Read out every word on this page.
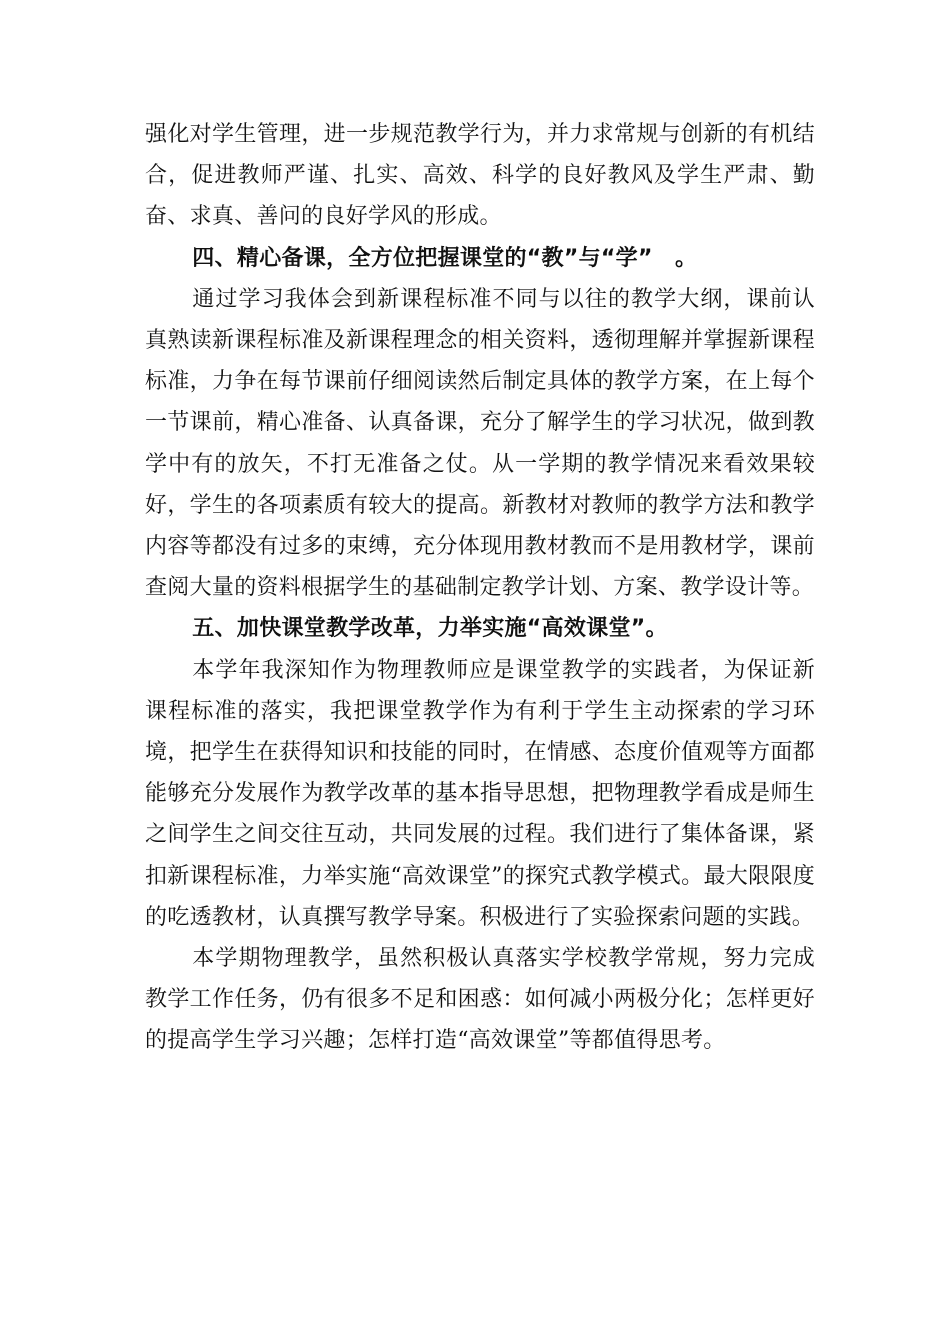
强化对学生管理，进一步规范教学行为，并力求常规与创新的有机结合，促进教师严谨、扎实、高效、科学的良好教风及学生严肃、勤奋、求真、善问的良好学风的形成。

四、精心备课，全方位把握课堂的“教”与“学”　。

通过学习我体会到新课程标准不同与以往的教学大纲，课前认真熟读新课程标准及新课程理念的相关资料，透彻理解并掌握新课程标准，力争在每节课前仔细阅读然后制定具体的教学方案，在上每个一节课前，精心准备、认真备课，充分了解学生的学习状况，做到教学中有的放矢，不打无准备之仗。从一学期的教学情况来看效果较好，学生的各项素质有较大的提高。新教材对教师的教学方法和教学内容等都没有过多的束缚，充分体现用教材教而不是用教材学，课前查阅大量的资料根据学生的基础制定教学计划、方案、教学设计等。

五、加快课堂教学改革，力举实施“高效课堂”。

本学年我深知作为物理教师应是课堂教学的实践者，为保证新课程标准的落实，我把课堂教学作为有利于学生主动探索的学习环境，把学生在获得知识和技能的同时，在情感、态度价值观等方面都能够充分发展作为教学改革的基本指导思想，把物理教学看成是师生之间学生之间交往互动，共同发展的过程。我们进行了集体备课，紧扣新课程标准，力举实施“高效课堂”的探究式教学模式。最大限限度的吃透教材，认真撰写教学导案。积极进行了实验探索问题的实践。

本学期物理教学，虽然积极认真落实学校教学常规，努力完成教学工作任务，仍有很多不足和困惑：如何减小两极分化；怎样更好的提高学生学习兴趣；怎样打造“高效课堂”等都值得思考。
